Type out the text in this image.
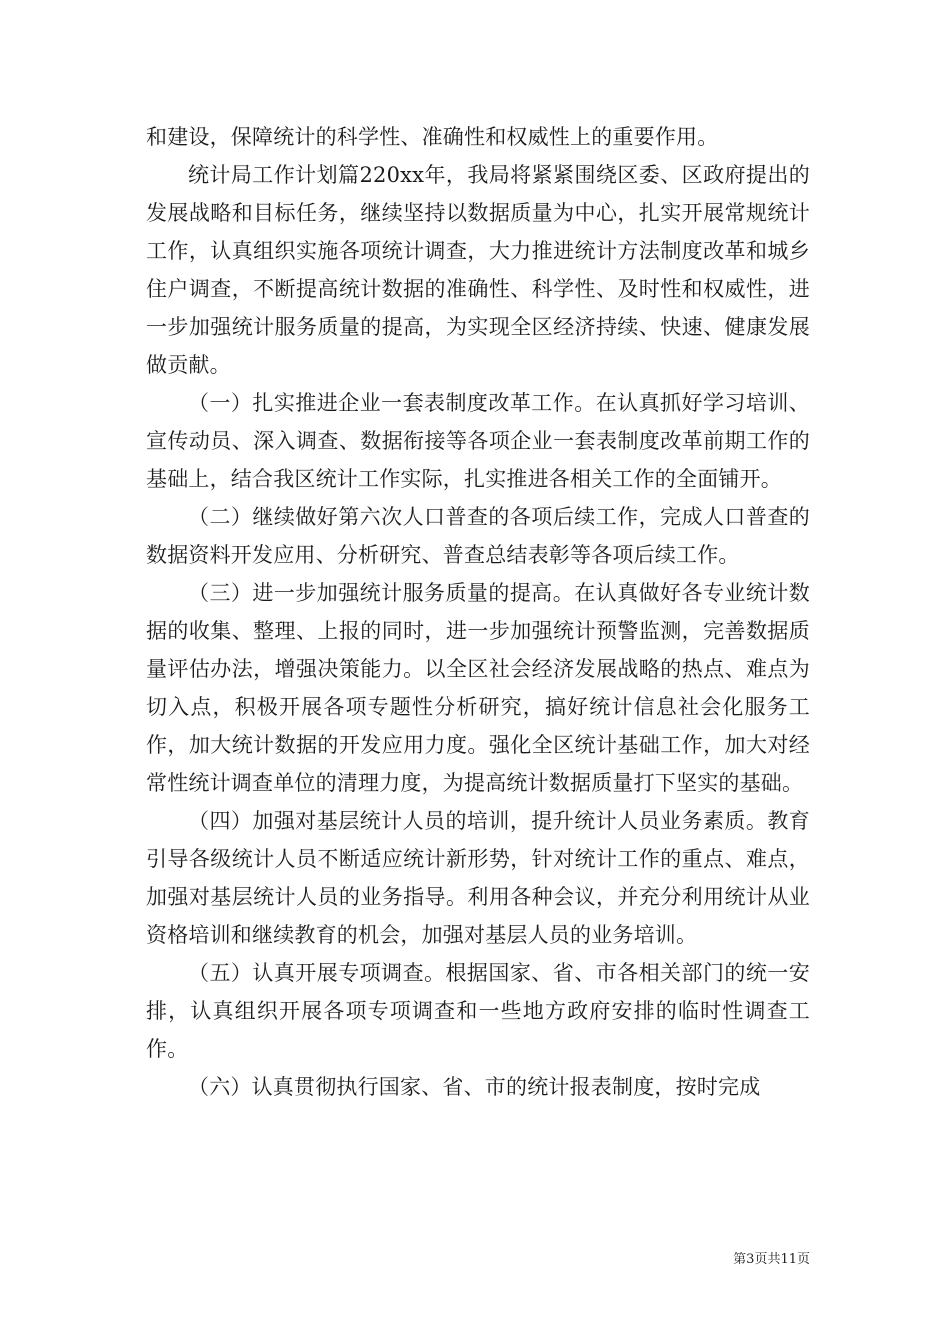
和建设，保障统计的科学性、准确性和权威性上的重要作用。

统计局工作计划篇220xx年，我局将紧紧围绕区委、区政府提出的发展战略和目标任务，继续坚持以数据质量为中心，扎实开展常规统计工作，认真组织实施各项统计调查，大力推进统计方法制度改革和城乡住户调查，不断提高统计数据的准确性、科学性、及时性和权威性，进一步加强统计服务质量的提高，为实现全区经济持续、快速、健康发展做贡献。

（一）扎实推进企业一套表制度改革工作。在认真抓好学习培训、宣传动员、深入调查、数据衔接等各项企业一套表制度改革前期工作的基础上，结合我区统计工作实际，扎实推进各相关工作的全面铺开。

（二）继续做好第六次人口普查的各项后续工作，完成人口普查的数据资料开发应用、分析研究、普查总结表彰等各项后续工作。

（三）进一步加强统计服务质量的提高。在认真做好各专业统计数据的收集、整理、上报的同时，进一步加强统计预警监测，完善数据质量评估办法，增强决策能力。以全区社会经济发展战略的热点、难点为切入点，积极开展各项专题性分析研究，搞好统计信息社会化服务工作，加大统计数据的开发应用力度。强化全区统计基础工作，加大对经常性统计调查单位的清理力度，为提高统计数据质量打下坚实的基础。

（四）加强对基层统计人员的培训，提升统计人员业务素质。教育引导各级统计人员不断适应统计新形势，针对统计工作的重点、难点，加强对基层统计人员的业务指导。利用各种会议，并充分利用统计从业资格培训和继续教育的机会，加强对基层人员的业务培训。

（五）认真开展专项调查。根据国家、省、市各相关部门的统一安排，认真组织开展各项专项调查和一些地方政府安排的临时性调查工作。

（六）认真贯彻执行国家、省、市的统计报表制度，按时完成

第3页共11页
